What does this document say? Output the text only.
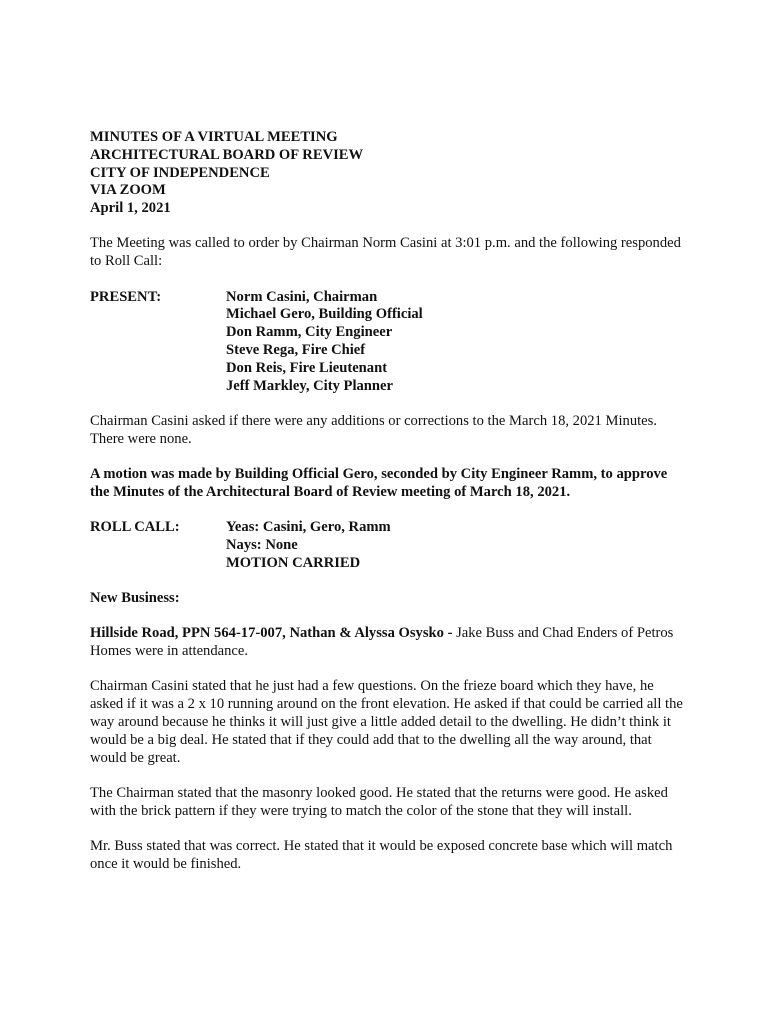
MINUTES OF A VIRTUAL MEETING
ARCHITECTURAL BOARD OF REVIEW
CITY OF INDEPENDENCE
VIA ZOOM
April 1, 2021

The Meeting was called to order by Chairman Norm Casini at 3:01 p.m. and the following responded to Roll Call:

PRESENT:	Norm Casini, Chairman
Michael Gero, Building Official
Don Ramm, City Engineer
Steve Rega, Fire Chief
Don Reis, Fire Lieutenant
Jeff Markley, City Planner

Chairman Casini asked if there were any additions or corrections to the March 18, 2021 Minutes. There were none.

A motion was made by Building Official Gero, seconded by City Engineer Ramm, to approve the Minutes of the Architectural Board of Review meeting of March 18, 2021.

ROLL CALL:	Yeas: Casini, Gero, Ramm
Nays: None
MOTION CARRIED

New Business:

Hillside Road, PPN 564-17-007, Nathan & Alyssa Osysko - Jake Buss and Chad Enders of Petros Homes were in attendance.

Chairman Casini stated that he just had a few questions. On the frieze board which they have, he asked if it was a 2 x 10 running around on the front elevation. He asked if that could be carried all the way around because he thinks it will just give a little added detail to the dwelling. He didn’t think it would be a big deal. He stated that if they could add that to the dwelling all the way around, that would be great.

The Chairman stated that the masonry looked good. He stated that the returns were good. He asked with the brick pattern if they were trying to match the color of the stone that they will install.

Mr. Buss stated that was correct. He stated that it would be exposed concrete base which will match once it would be finished.
